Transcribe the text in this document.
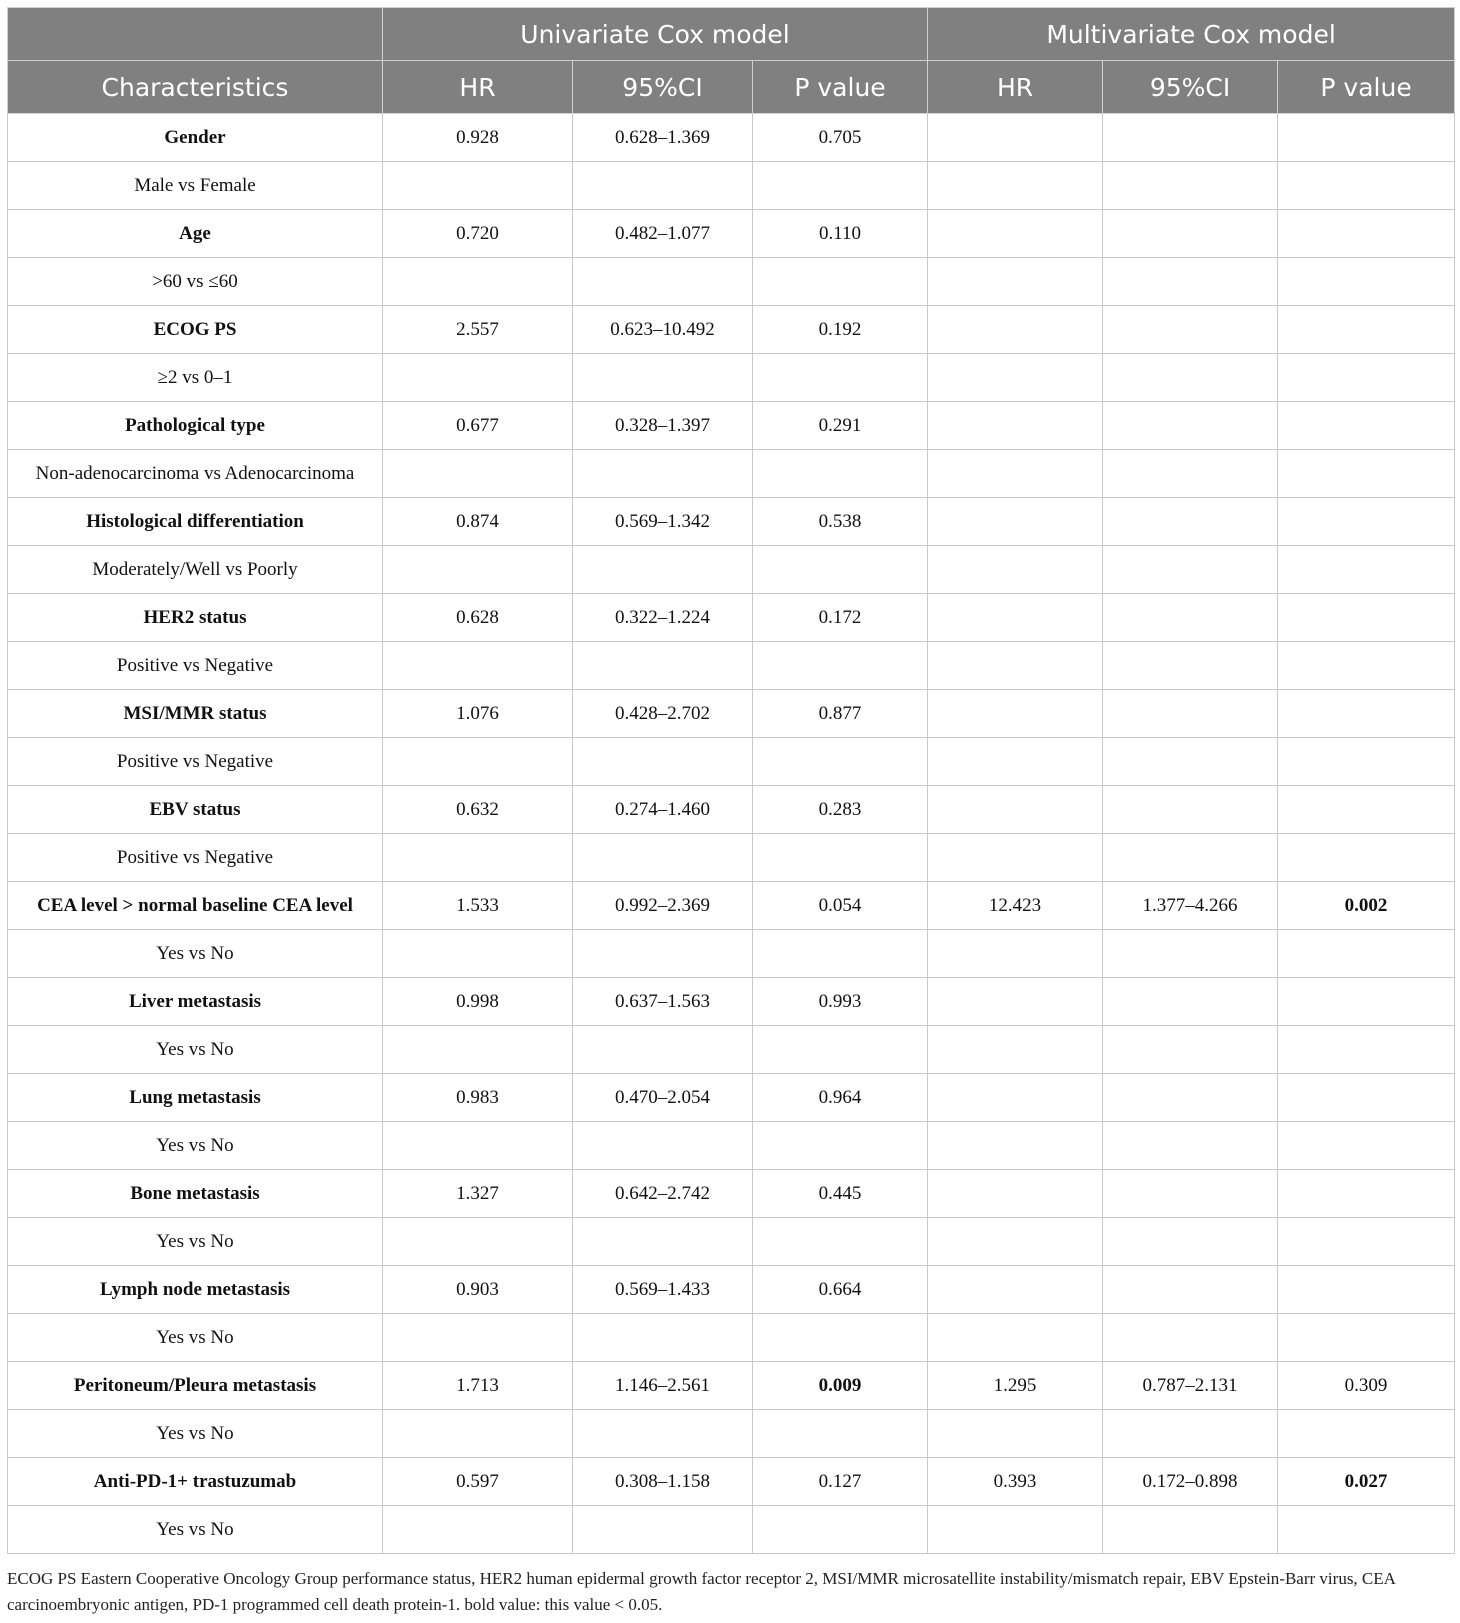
	Univariate Cox model			Multivariate Cox model		
Characteristics	HR	95%CI	P value	HR	95%CI	P value
Gender	0.928	0.628–1.369	0.705			
Male vs Female						
Age	0.720	0.482–1.077	0.110			
>60 vs ≤60						
ECOG PS	2.557	0.623–10.492	0.192			
≥2 vs 0–1						
Pathological type	0.677	0.328–1.397	0.291			
Non-adenocarcinoma vs Adenocarcinoma						
Histological differentiation	0.874	0.569–1.342	0.538			
Moderately/Well vs Poorly						
HER2 status	0.628	0.322–1.224	0.172			
Positive vs Negative						
MSI/MMR status	1.076	0.428–2.702	0.877			
Positive vs Negative						
EBV status	0.632	0.274–1.460	0.283			
Positive vs Negative						
CEA level > normal baseline CEA level	1.533	0.992–2.369	0.054	12.423	1.377–4.266	0.002
Yes vs No						
Liver metastasis	0.998	0.637–1.563	0.993			
Yes vs No						
Lung metastasis	0.983	0.470–2.054	0.964			
Yes vs No						
Bone metastasis	1.327	0.642–2.742	0.445			
Yes vs No						
Lymph node metastasis	0.903	0.569–1.433	0.664			
Yes vs No						
Peritoneum/Pleura metastasis	1.713	1.146–2.561	0.009	1.295	0.787–2.131	0.309
Yes vs No						
Anti-PD-1+ trastuzumab	0.597	0.308–1.158	0.127	0.393	0.172–0.898	0.027
Yes vs No						
ECOG PS Eastern Cooperative Oncology Group performance status, HER2 human epidermal growth factor receptor 2, MSI/MMR microsatellite instability/mismatch repair, EBV Epstein-Barr virus, CEA carcinoembryonic antigen, PD-1 programmed cell death protein-1. bold value: this value < 0.05.
